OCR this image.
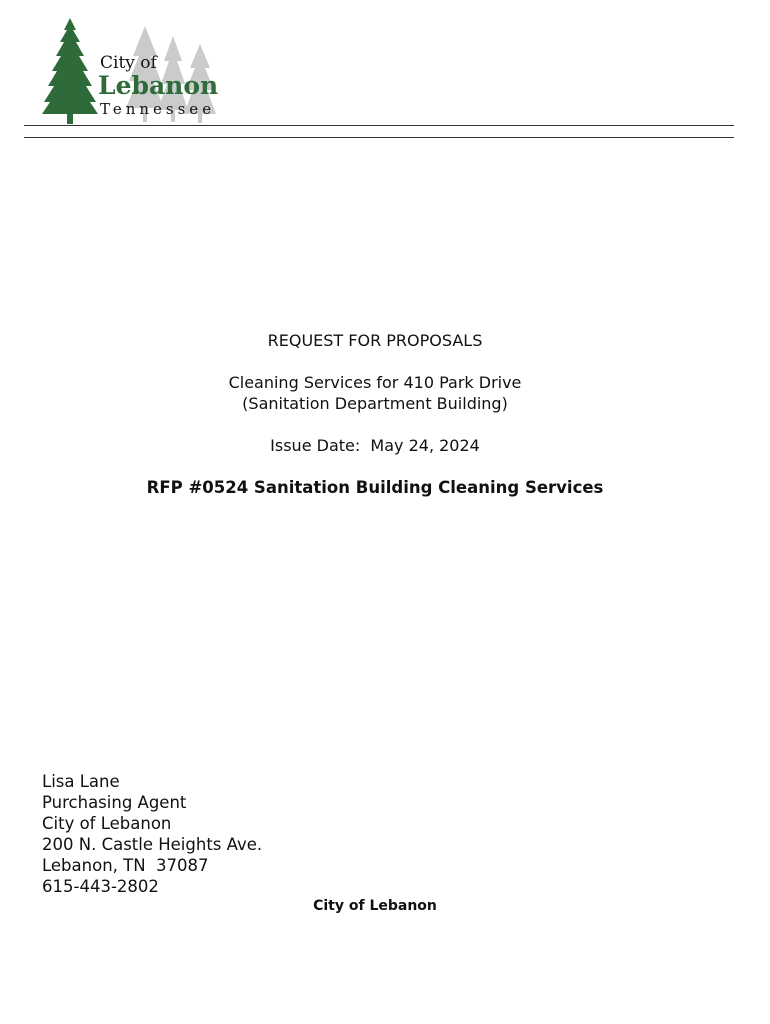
City of
Lebanon
Tennessee
REQUEST FOR PROPOSALS
Cleaning Services for 410 Park Drive
(Sanitation Department Building)
Issue Date: May 24, 2024
RFP #0524 Sanitation Building Cleaning Services
Lisa Lane
Purchasing Agent
City of Lebanon
200 N. Castle Heights Ave.
Lebanon, TN  37087
615-443-2802
City of Lebanon
